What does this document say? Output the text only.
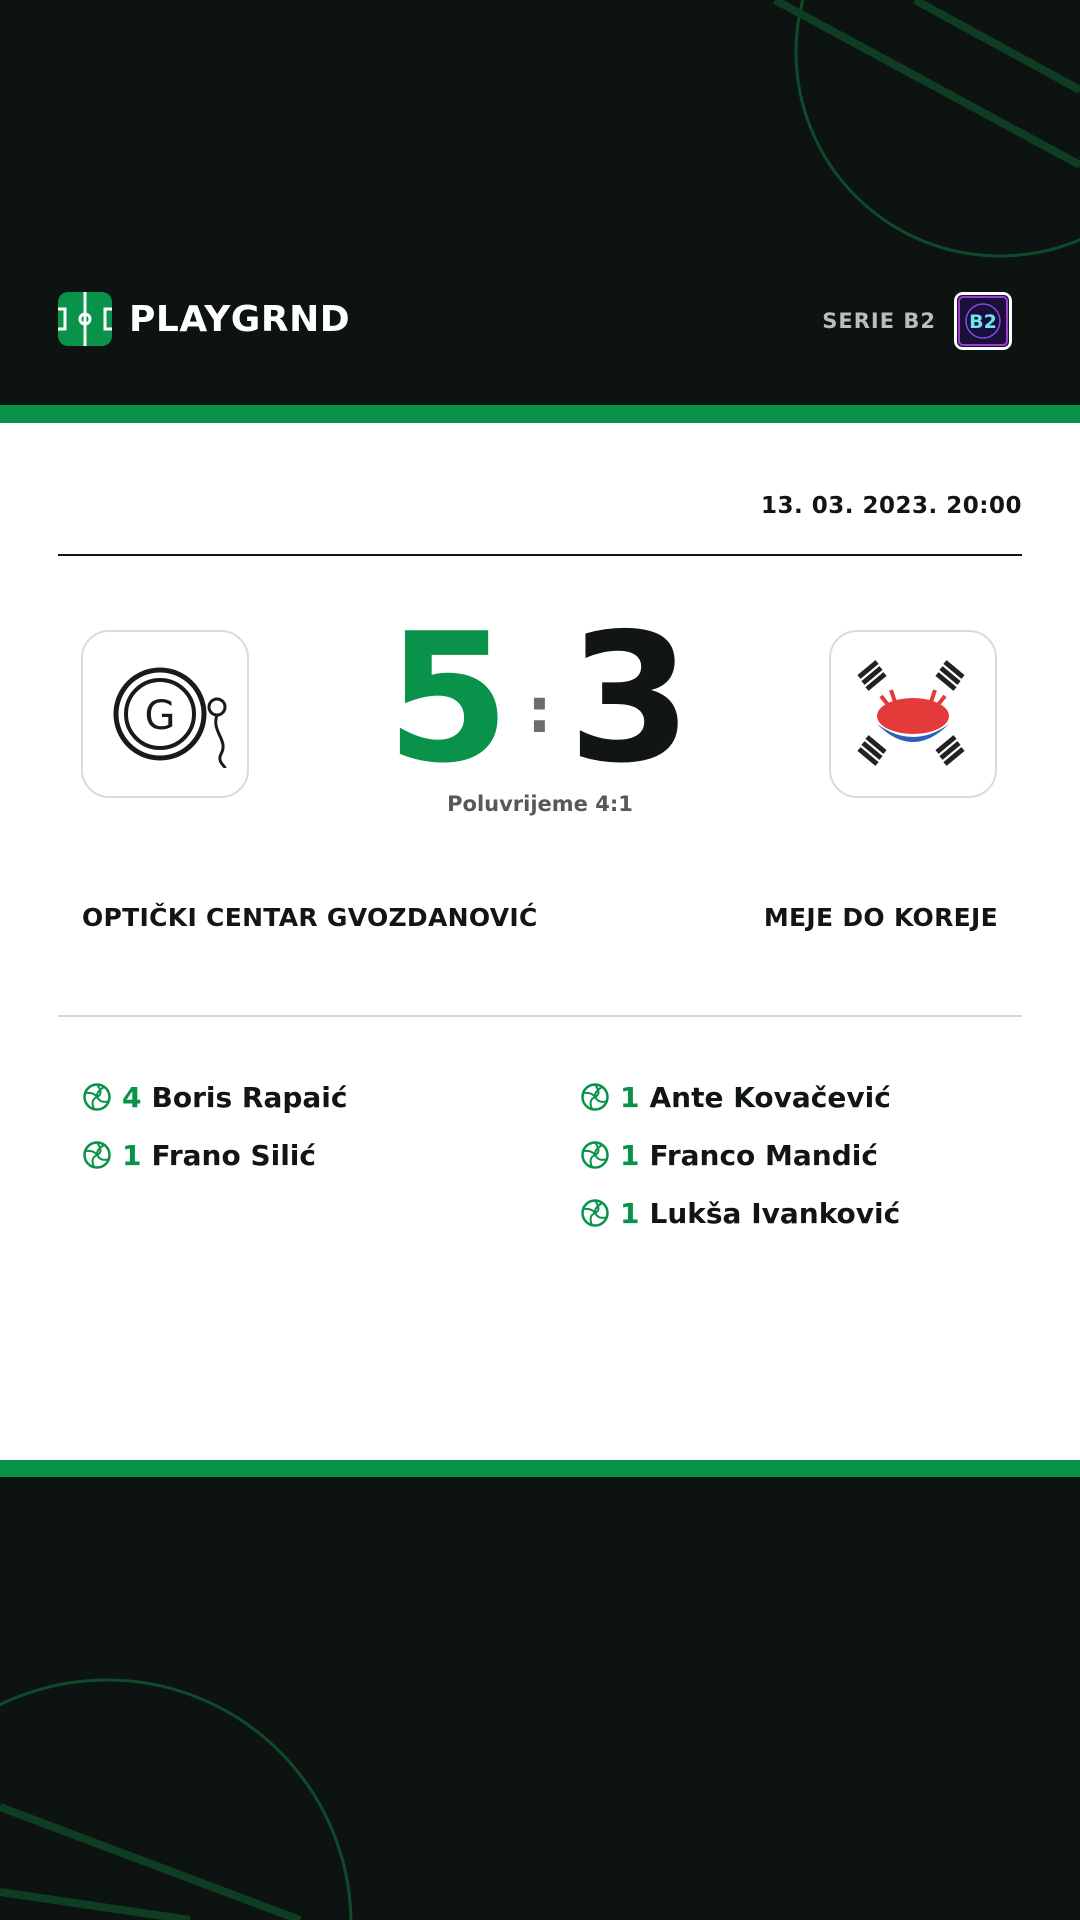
PLAYGRND	SERIE B2 B2
13. 03. 2023. 20:00
G 5 : 3
Poluvrijeme 4:1
OPTIČKI CENTAR GVOZDANOVIĆ	MEJE DO KOREJE
4 Boris Rapaić
1 Frano Silić
1 Ante Kovačević
1 Franco Mandić
1 Lukša Ivanković
